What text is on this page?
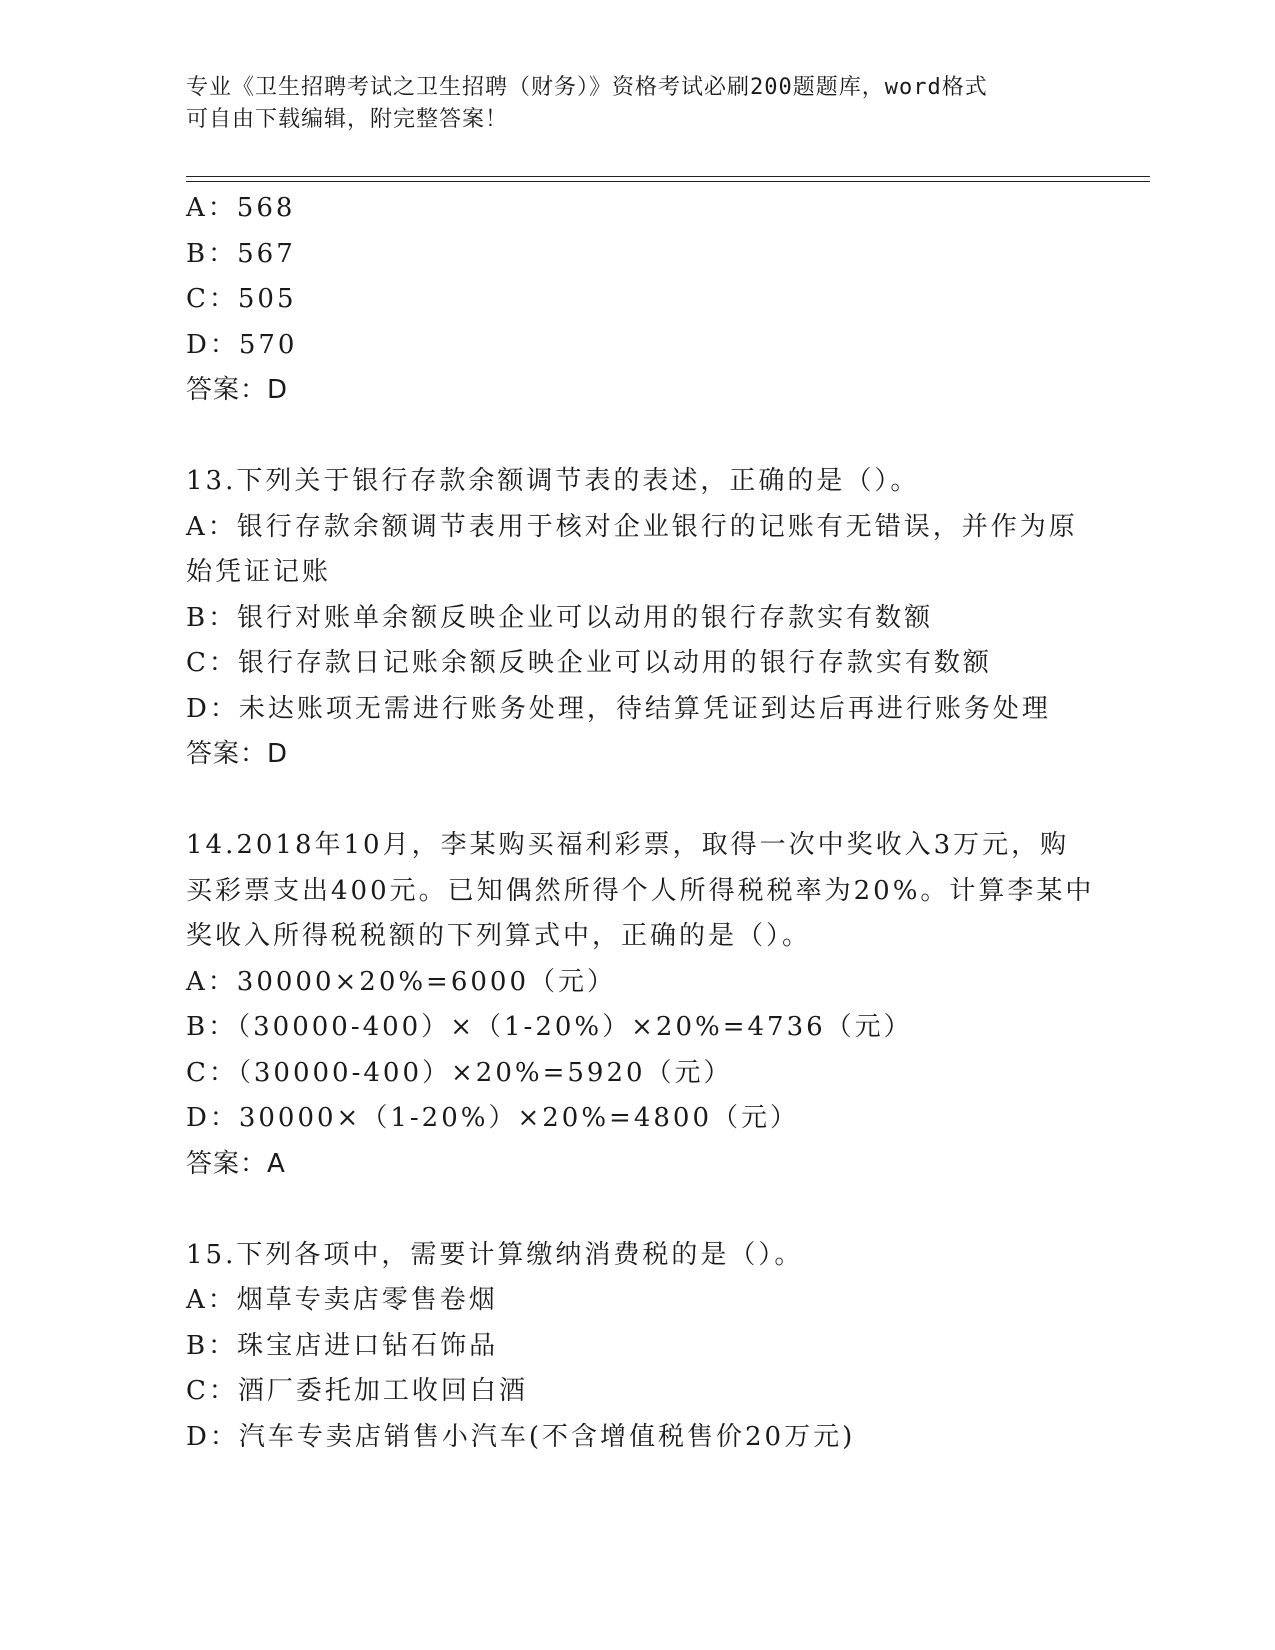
专业《卫生招聘考试之卫生招聘（财务）》资格考试必刷200题题库，word格式
可自由下载编辑，附完整答案！
A：568
B：567
C：505
D：570
答案：D
13.下列关于银行存款余额调节表的表述，正确的是（）。
A：银行存款余额调节表用于核对企业银行的记账有无错误，并作为原
始凭证记账
B：银行对账单余额反映企业可以动用的银行存款实有数额
C：银行存款日记账余额反映企业可以动用的银行存款实有数额
D：未达账项无需进行账务处理，待结算凭证到达后再进行账务处理
答案：D
14.2018年10月，李某购买福利彩票，取得一次中奖收入3万元，购
买彩票支出400元。已知偶然所得个人所得税税率为20%。计算李某中
奖收入所得税税额的下列算式中，正确的是（）。
A：30000×20%=6000（元）
B：（30000-400）×（1-20%）×20%=4736（元）
C：（30000-400）×20%=5920（元）
D：30000×（1-20%）×20%=4800（元）
答案：A
15.下列各项中，需要计算缴纳消费税的是（）。
A：烟草专卖店零售卷烟
B：珠宝店进口钻石饰品
C：酒厂委托加工收回白酒
D：汽车专卖店销售小汽车(不含增值税售价20万元)
